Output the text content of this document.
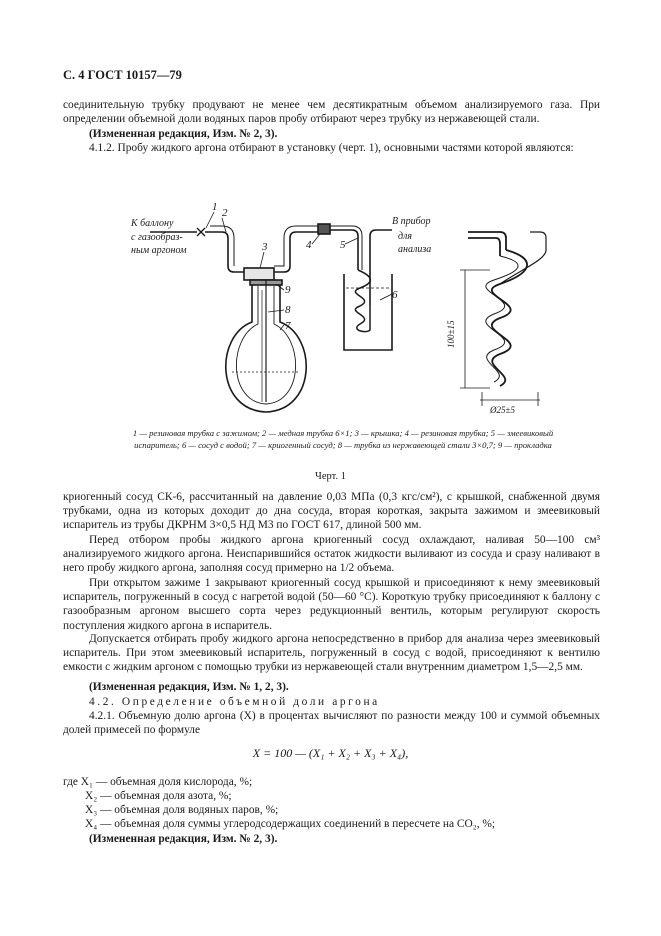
С. 4 ГОСТ 10157—79
соединительную трубку продувают не менее чем десятикратным объемом анализируемого газа. При определении объемной доли водяных паров пробу отбирают через трубку из нержавеющей стали.
(Измененная редакция, Изм. № 2, 3).
4.1.2. Пробу жидкого аргона отбирают в установку (черт. 1), основными частями которой являются:
К баллону
с газообраз-
ным аргоном
В прибор
для
анализа
1 2
3	4	5
6
9
8
7	100±15
Ø25±5
1 — резиновая трубка с зажимом; 2 — медная трубка 6×1; 3 — крышка; 4 — резиновая трубка; 5 — змеевиковый испаритель; 6 — сосуд с водой; 7 — криогенный сосуд; 8 — трубка из нержавеющей стали 3×0,7; 9 — прокладка
Черт. 1
криогенный сосуд СК-6, рассчитанный на давление 0,03 МПа (0,3 кгс/см²), с крышкой, снабженной двумя трубками, одна из которых доходит до дна сосуда, вторая короткая, закрыта зажимом и змеевиковый испаритель из трубы ДКРНМ 3×0,5 НД М3 по ГОСТ 617, длиной 500 мм.
Перед отбором пробы жидкого аргона криогенный сосуд охлаждают, наливая 50—100 см³ анализируемого жидкого аргона. Неиспарившийся остаток жидкости выливают из сосуда и сразу наливают в него пробу жидкого аргона, заполняя сосуд примерно на 1/2 объема.
При открытом зажиме 1 закрывают криогенный сосуд крышкой и присоединяют к нему змеевиковый испаритель, погруженный в сосуд с нагретой водой (50—60 °С). Короткую трубку присоединяют к баллону с газообразным аргоном высшего сорта через редукционный вентиль, которым регулируют скорость поступления жидкого аргона в испаритель.
Допускается отбирать пробу жидкого аргона непосредственно в прибор для анализа через змеевиковый испаритель. При этом змеевиковый испаритель, погруженный в сосуд с водой, присоединяют к вентилю емкости с жидким аргоном с помощью трубки из нержавеющей стали внутренним диаметром 1,5—2,5 мм.
(Измененная редакция, Изм. № 1, 2, 3).
4.2. Определение объемной доли аргона
4.2.1. Объемную долю аргона (X) в процентах вычисляют по разности между 100 и суммой объемных долей примесей по формуле
X = 100 — (X₁ + X₂ + X₃ + X₄),
где X₁ — объемная доля кислорода, %;
X₂ — объемная доля азота, %;
X₃ — объемная доля водяных паров, %;
X₄ — объемная доля суммы углеродсодержащих соединений в пересчете на СО₂, %;
(Измененная редакция, Изм. № 2, 3).
